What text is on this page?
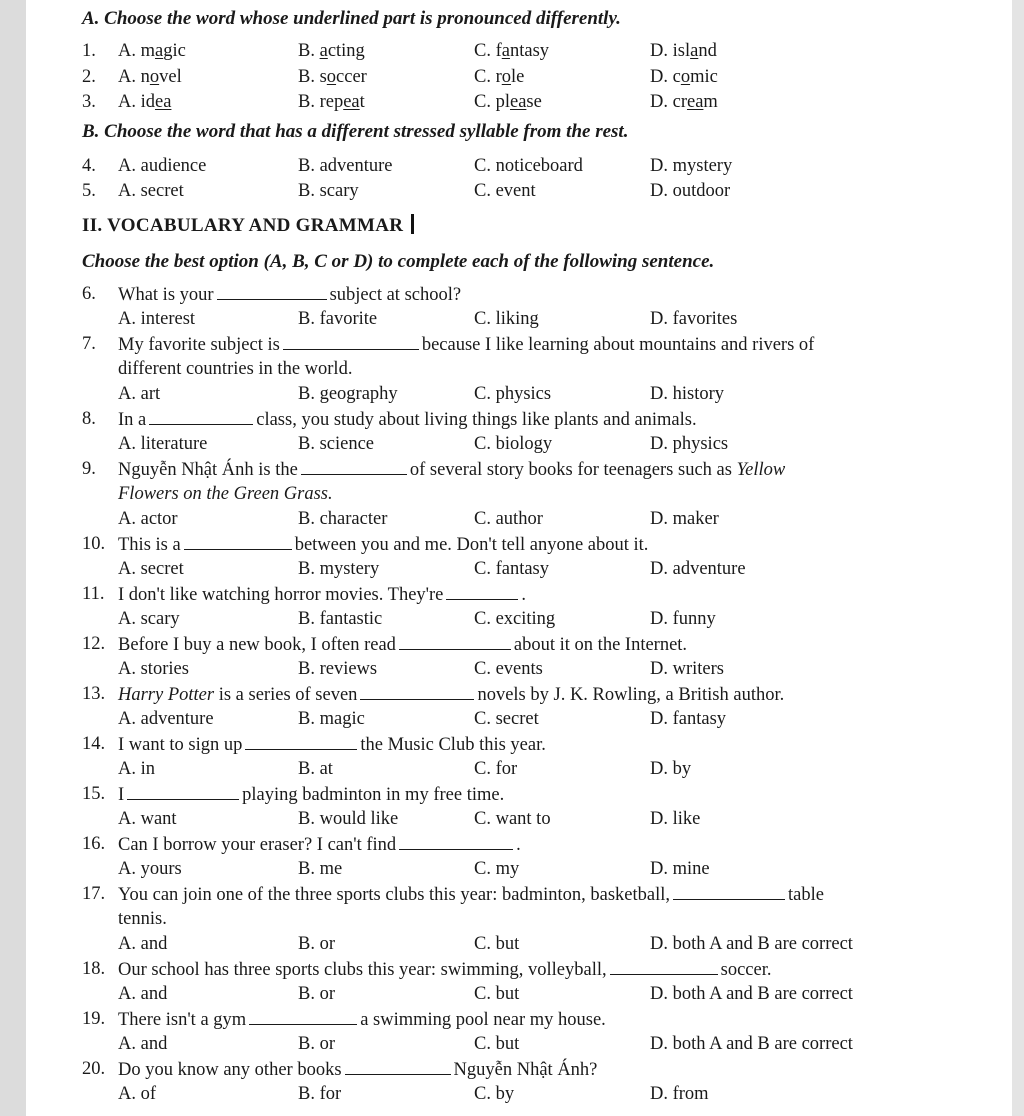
A. Choose the word whose underlined part is pronounced differently.
1. A. magic	B. acting	C. fantasy	D. island
2. A. novel	B. soccer	C. role	D. comic
3. A. idea	B. repeat	C. please	D. cream
B. Choose the word that has a different stressed syllable from the rest.
4. A. audience	B. adventure	C. noticeboard	D. mystery
5. A. secret	B. scary	C. event	D. outdoor
II. VOCABULARY AND GRAMMAR
Choose the best option (A, B, C or D) to complete each of the following sentence.
6. What is your	subject at school?
A. interest	B. favorite	C. liking	D. favorites
7. My favorite subject is	because I like learning about mountains and rivers of
different countries in the world.
A. art	B. geography	C. physics	D. history
8. In a	class, you study about living things like plants and animals.
A. literature	B. science	C. biology	D. physics
9. Nguyễn Nhật Ánh is the	of several story books for teenagers such as Yellow
Flowers on the Green Grass.
A. actor	B. character	C. author	D. maker
10. This is a	between you and me. Don't tell anyone about it.
A. secret	B. mystery	C. fantasy	D. adventure
11. I don't like watching horror movies. They're	.
A. scary	B. fantastic	C. exciting	D. funny
12. Before I buy a new book, I often read	about it on the Internet.
A. stories	B. reviews	C. events	D. writers
13. Harry Potter is a series of seven	novels by J. K. Rowling, a British author.
A. adventure	B. magic	C. secret	D. fantasy
14. I want to sign up	the Music Club this year.
A. in	B. at	C. for	D. by
15. I	playing badminton in my free time.
A. want	B. would like	C. want to	D. like
16. Can I borrow your eraser? I can't find	.
A. yours	B. me	C. my	D. mine
17. You can join one of the three sports clubs this year: badminton, basketball,	table
tennis.
A. and	B. or	C. but	D. both A and B are correct
18. Our school has three sports clubs this year: swimming, volleyball,	soccer.
A. and	B. or	C. but	D. both A and B are correct
19. There isn't a gym	a swimming pool near my house.
A. and	B. or	C. but	D. both A and B are correct
20. Do you know any other books	Nguyễn Nhật Ánh?
A. of	B. for	C. by	D. from
